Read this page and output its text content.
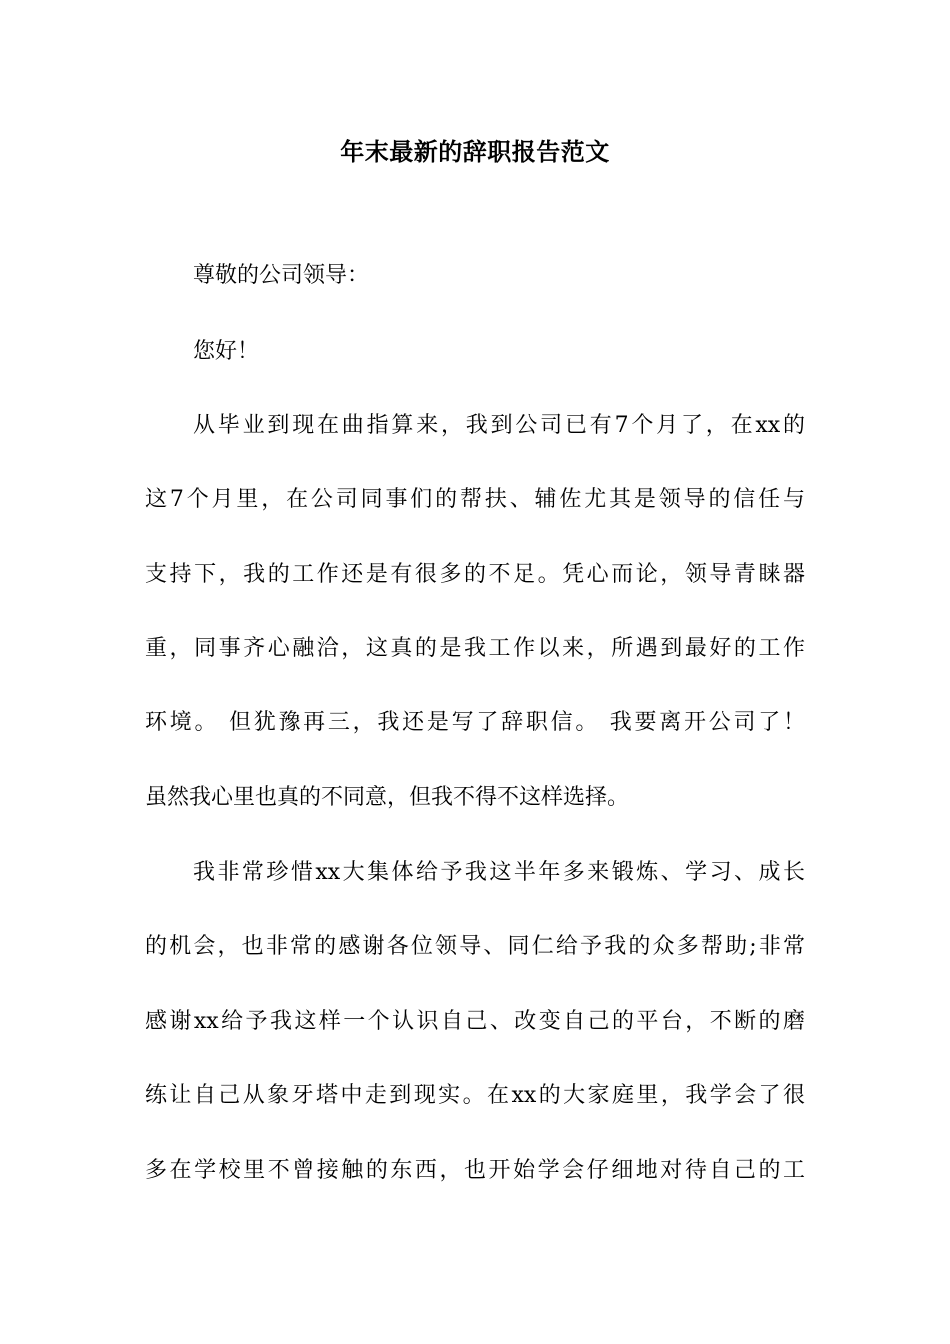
年末最新的辞职报告范文
尊敬的公司领导：
您好！
从毕业到现在曲指算来，我到公司已有7个月了，在xx的
这7个月里，在公司同事们的帮扶、辅佐尤其是领导的信任与
支持下，我的工作还是有很多的不足。凭心而论，领导青睐器
重，同事齐心融洽，这真的是我工作以来，所遇到最好的工作
环境。 但犹豫再三，我还是写了辞职信。 我要离开公司了！
虽然我心里也真的不同意，但我不得不这样选择。
我非常珍惜xx大集体给予我这半年多来锻炼、学习、成长
的机会，也非常的感谢各位领导、同仁给予我的众多帮助;非常
感谢xx给予我这样一个认识自己、改变自己的平台，不断的磨
练让自己从象牙塔中走到现实。在xx的大家庭里，我学会了很
多在学校里不曾接触的东西，也开始学会仔细地对待自己的工
